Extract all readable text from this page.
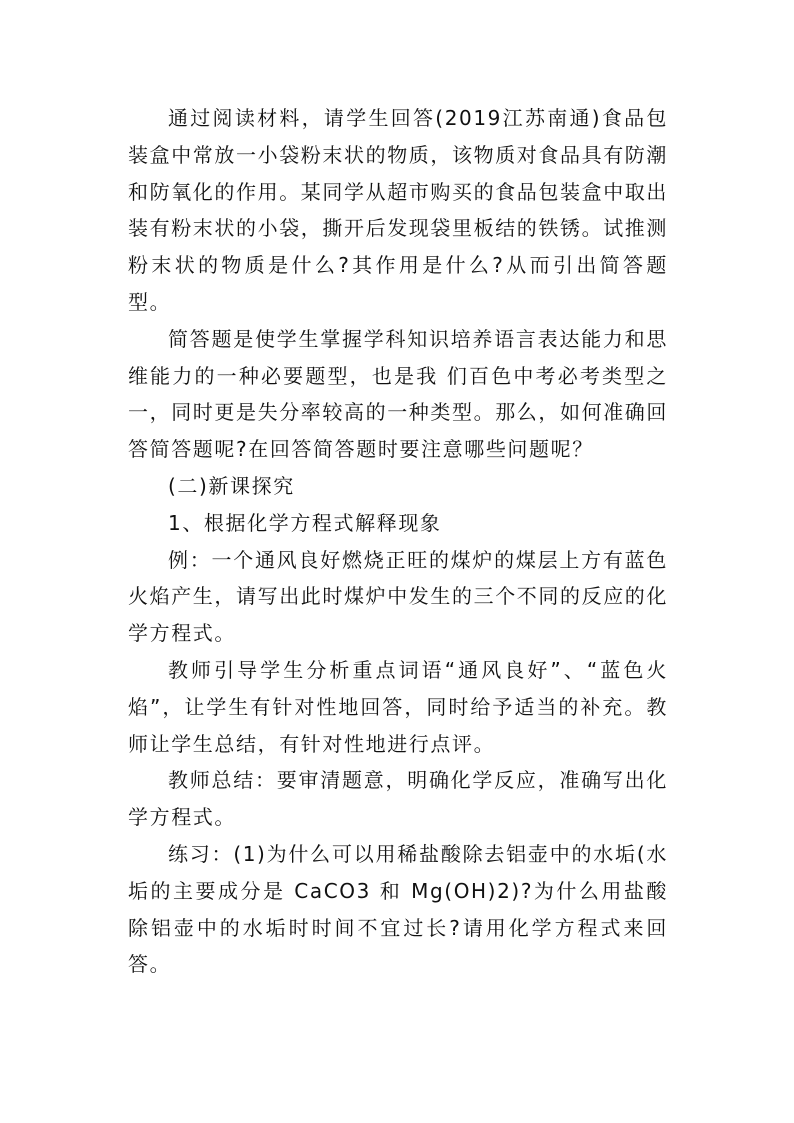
通过阅读材料，请学生回答(2019江苏南通)食品包装盒中常放一小袋粉末状的物质，该物质对食品具有防潮和防氧化的作用。某同学从超市购买的食品包装盒中取出装有粉末状的小袋，撕开后发现袋里板结的铁锈。试推测粉末状的物质是什么?其作用是什么?从而引出简答题型。

简答题是使学生掌握学科知识培养语言表达能力和思维能力的一种必要题型，也是我 们百色中考必考类型之一，同时更是失分率较高的一种类型。那么，如何准确回答简答题呢?在回答简答题时要注意哪些问题呢？

(二)新课探究

1、根据化学方程式解释现象

例：一个通风良好燃烧正旺的煤炉的煤层上方有蓝色火焰产生，请写出此时煤炉中发生的三个不同的反应的化学方程式。

教师引导学生分析重点词语“通风良好”、“蓝色火焰”，让学生有针对性地回答，同时给予适当的补充。教师让学生总结，有针对性地进行点评。

教师总结：要审清题意，明确化学反应，准确写出化学方程式。

练习：(1)为什么可以用稀盐酸除去铝壶中的水垢(水垢的主要成分是 CaCO3 和 Mg(OH)2)?为什么用盐酸除铝壶中的水垢时时间不宜过长?请用化学方程式来回答。
